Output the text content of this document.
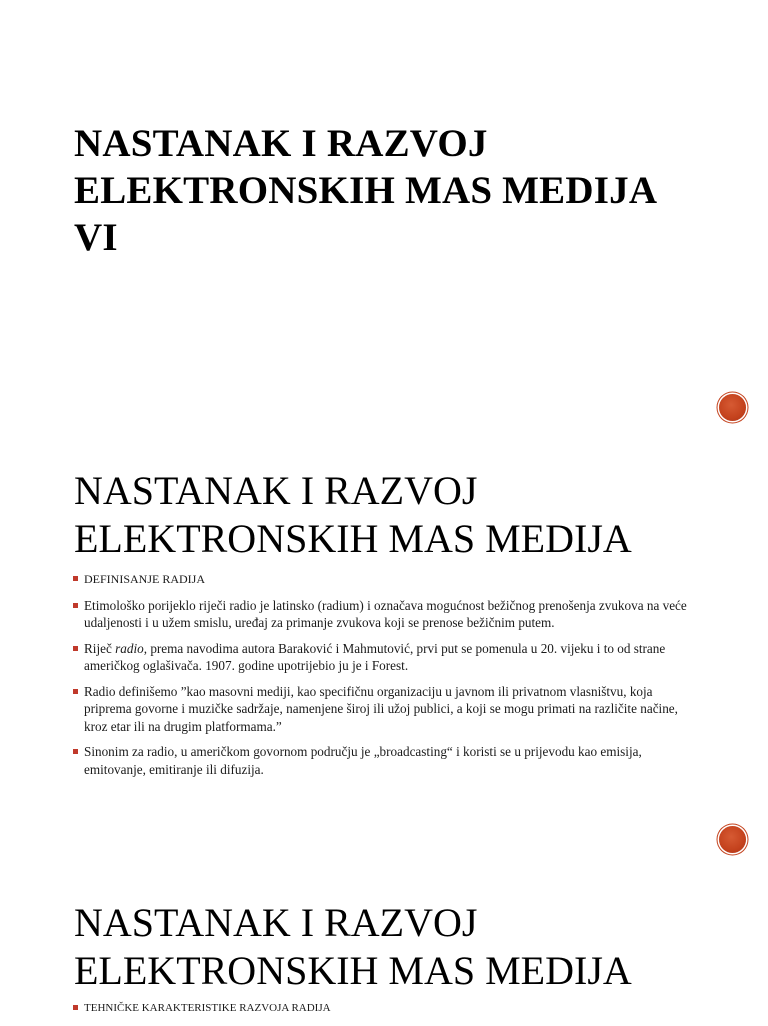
NASTANAK I RAZVOJ ELEKTRONSKIH MAS MEDIJA VI
NASTANAK I RAZVOJ ELEKTRONSKIH MAS MEDIJA
DEFINISANJE RADIJA
Etimološko porijeklo riječi radio je latinsko (radium) i označava mogućnost bežičnog prenošenja zvukova na veće udaljenosti i u užem smislu, uređaj za primanje zvukova koji se prenose bežičnim putem.
Riječ radio, prema navodima autora Baraković i Mahmutović, prvi put se pomenula u 20. vijeku i to od strane američkog oglašivača. 1907. godine upotrijebio ju je i Forest.
Radio definišemo ”kao masovni mediji, kao specifičnu organizaciju u javnom ili privatnom vlasništvu, koja priprema govorne i muzičke sadržaje, namenjene široj ili užoj publici, a koji se mogu primati na različite načine, kroz etar ili na drugim platformama.”
Sinonim za radio, u američkom govornom području je „broadcasting“ i koristi se u prijevodu kao emisija, emitovanje, emitiranje ili difuzija.
NASTANAK I RAZVOJ ELEKTRONSKIH MAS MEDIJA
TEHNIČKE KARAKTERISTIKE RAZVOJA RADIJA
